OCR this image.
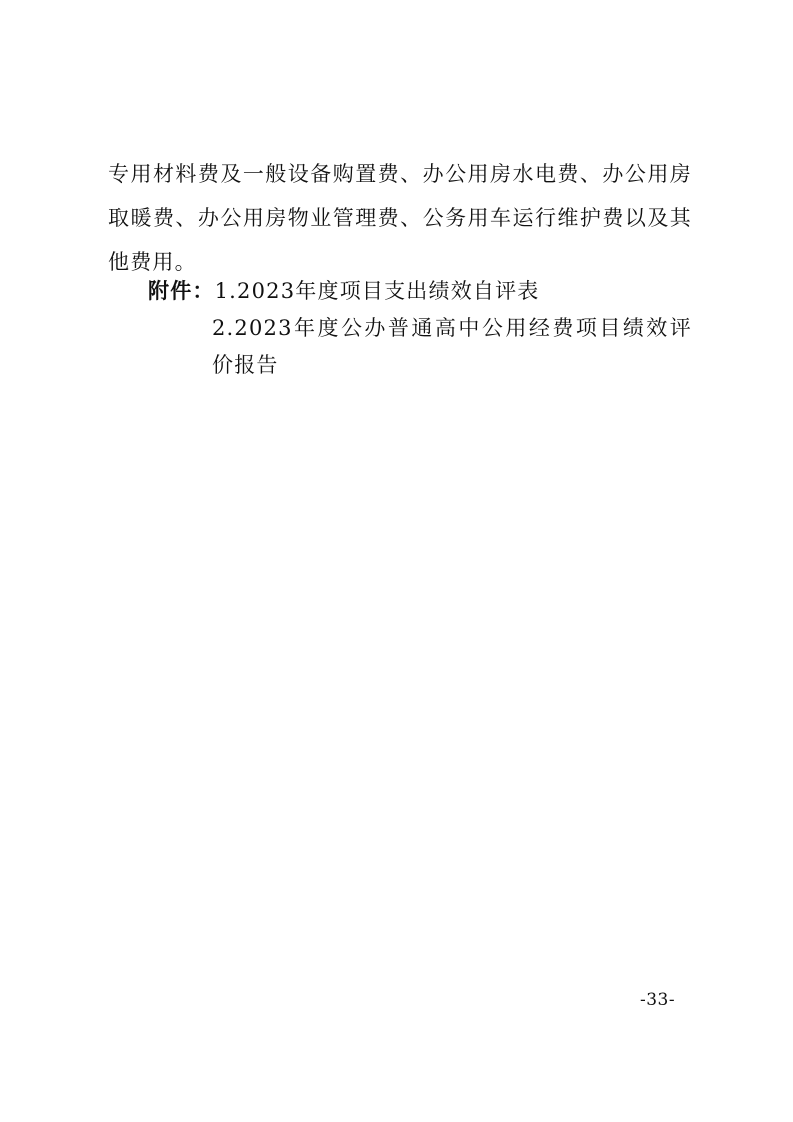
专用材料费及一般设备购置费、办公用房水电费、办公用房取暖费、办公用房物业管理费、公务用车运行维护费以及其他费用。

附件：1.2023年度项目支出绩效自评表
2.2023年度公办普通高中公用经费项目绩效评价报告
-33-
